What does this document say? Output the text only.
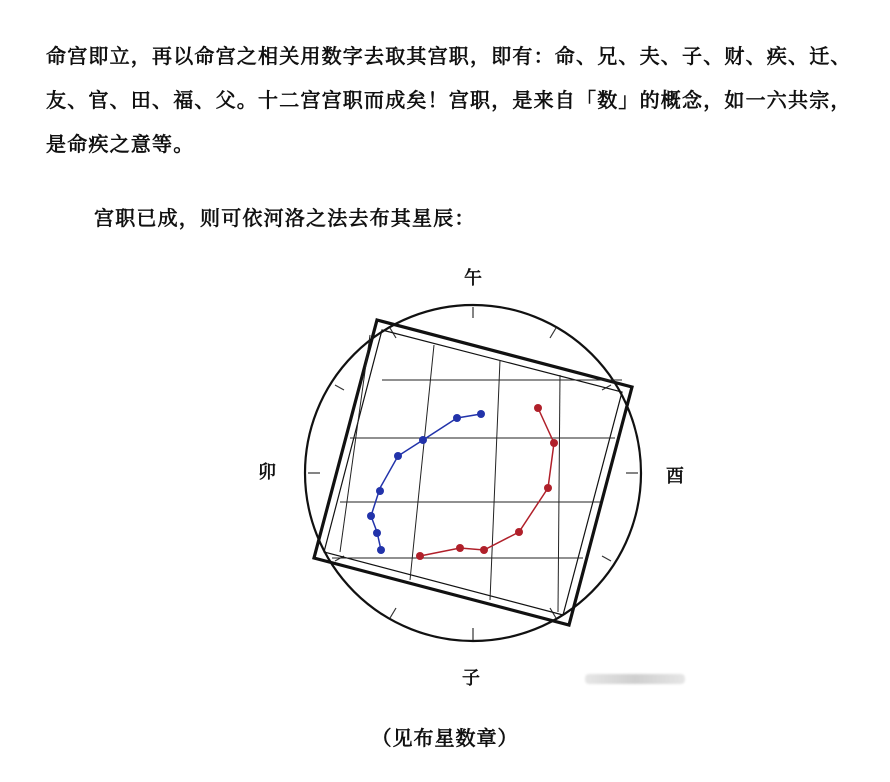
命宫即立，再以命宫之相关用数字去取其宫职，即有：命、兄、夫、子、财、疾、迁、友、官、田、福、父。十二宫宫职而成矣！宫职，是来自「数」的概念，如一六共宗，是命疾之意等。

宫职已成，则可依河洛之法去布其星辰：

午
卯	酉
子
（见布星数章）
